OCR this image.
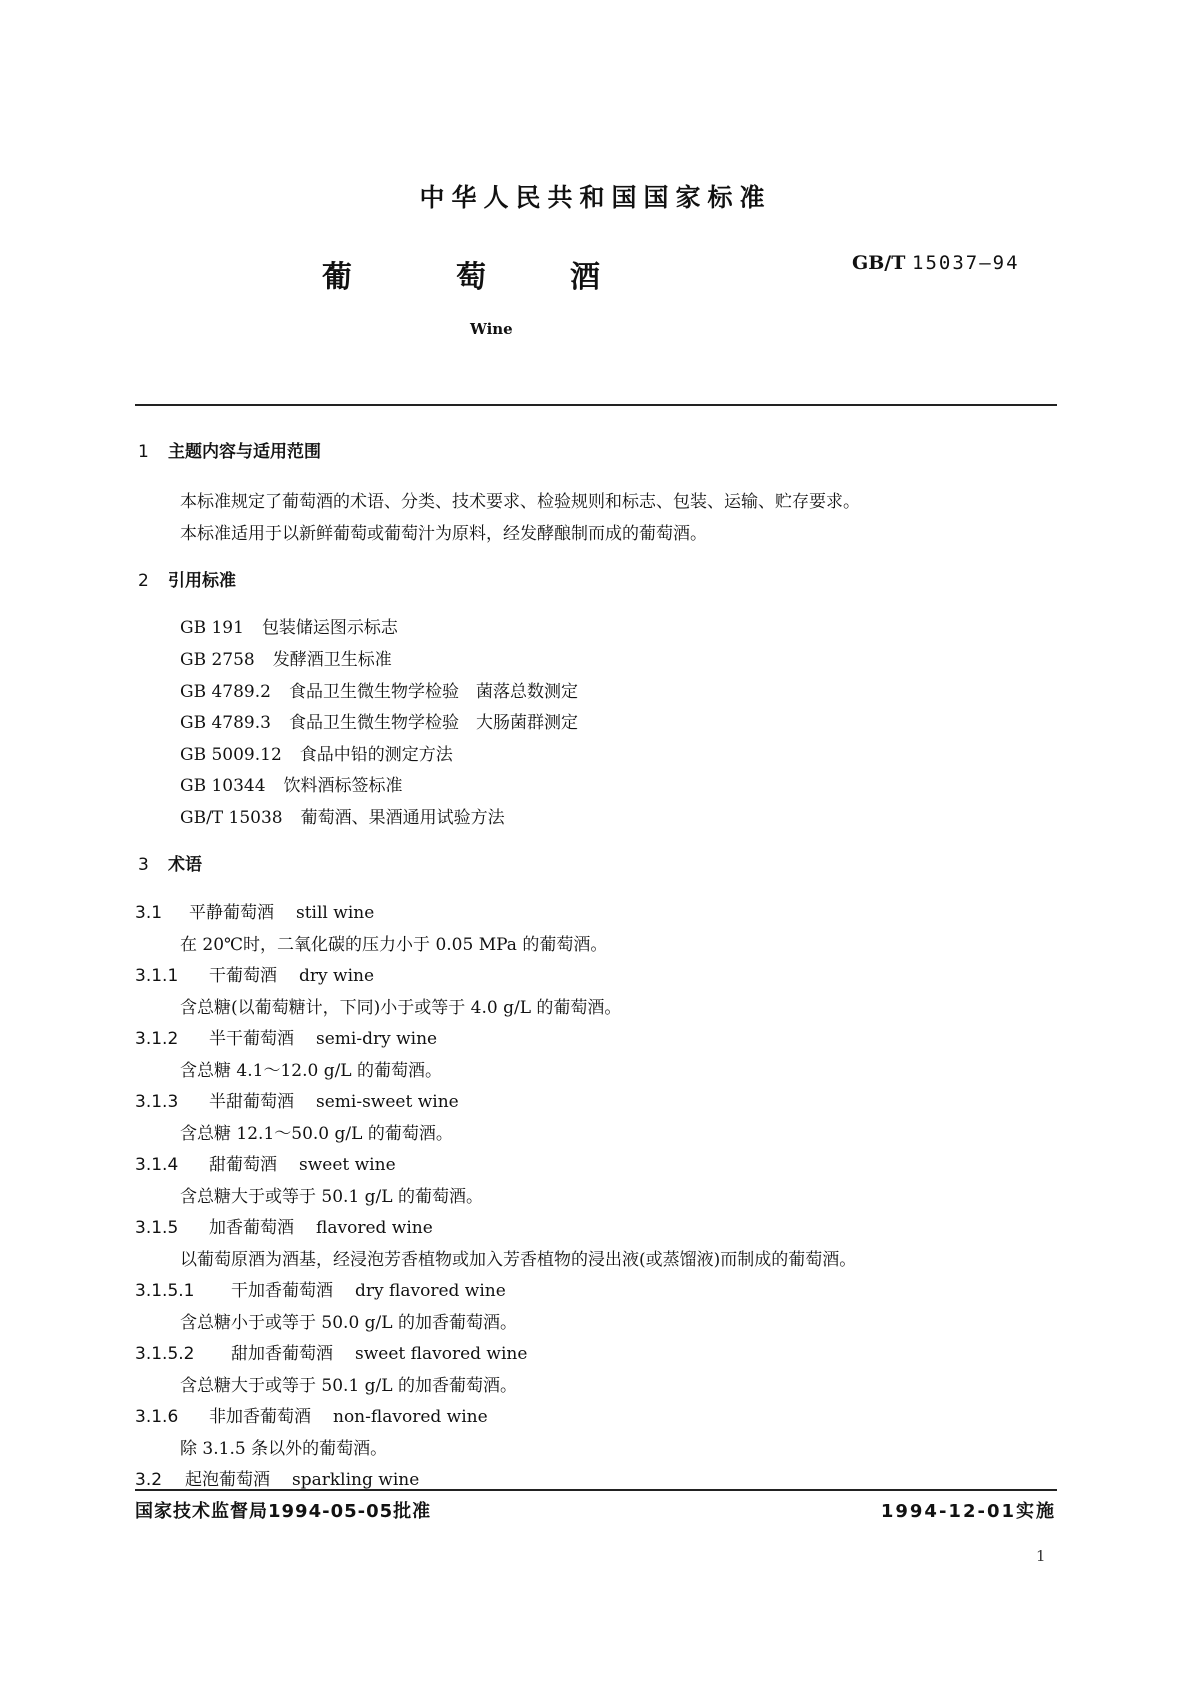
中华人民共和国国家标准
葡	萄	酒	GB/T 15037—94
Wine
1 主题内容与适用范围
本标准规定了葡萄酒的术语、分类、技术要求、检验规则和标志、包装、运输、贮存要求。
本标准适用于以新鲜葡萄或葡萄汁为原料，经发酵酿制而成的葡萄酒。
2 引用标准
GB 191 包装储运图示标志
GB 2758 发酵酒卫生标准
GB 4789.2 食品卫生微生物学检验　菌落总数测定
GB 4789.3 食品卫生微生物学检验　大肠菌群测定
GB 5009.12 食品中铅的测定方法
GB 10344 饮料酒标签标准
GB/T 15038 葡萄酒、果酒通用试验方法
3 术语
3.1 平静葡萄酒 still wine
在 20℃时，二氧化碳的压力小于 0.05 MPa 的葡萄酒。
3.1.1 干葡萄酒 dry wine
含总糖(以葡萄糖计，下同)小于或等于 4.0 g/L 的葡萄酒。
3.1.2 半干葡萄酒 semi-dry wine
含总糖 4.1～12.0 g/L 的葡萄酒。
3.1.3 半甜葡萄酒 semi-sweet wine
含总糖 12.1～50.0 g/L 的葡萄酒。
3.1.4 甜葡萄酒 sweet wine
含总糖大于或等于 50.1 g/L 的葡萄酒。
3.1.5 加香葡萄酒 flavored wine
以葡萄原酒为酒基，经浸泡芳香植物或加入芳香植物的浸出液(或蒸馏液)而制成的葡萄酒。
3.1.5.1 干加香葡萄酒 dry flavored wine
含总糖小于或等于 50.0 g/L 的加香葡萄酒。
3.1.5.2 甜加香葡萄酒 sweet flavored wine
含总糖大于或等于 50.1 g/L 的加香葡萄酒。
3.1.6 非加香葡萄酒 non-flavored wine
除 3.1.5 条以外的葡萄酒。
3.2 起泡葡萄酒 sparkling wine
国家技术监督局1994-05-05批准	1994-12-01实施
1
